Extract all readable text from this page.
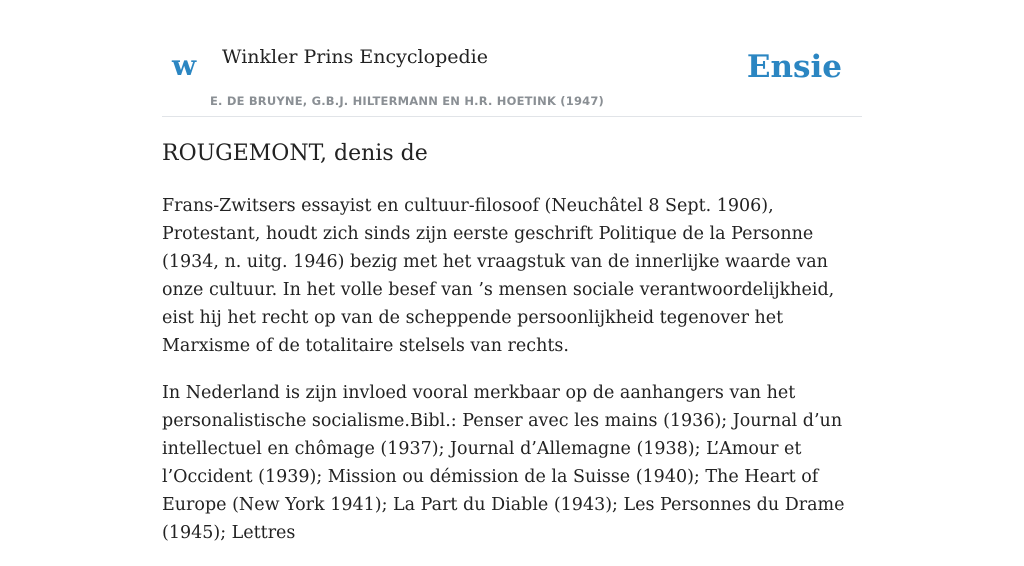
w Winkler Prins Encyclopedie
E. DE BRUYNE, G.B.J. HILTERMANN EN H.R. HOETINK (1947)
Ensie
ROUGEMONT, denis de

Frans-Zwitsers essayist en cultuur-filosoof (Neuchâtel 8 Sept. 1906), Protestant, houdt zich sinds zijn eerste geschrift Politique de la Personne (1934, n. uitg. 1946) bezig met het vraagstuk van de innerlijke waarde van onze cultuur. In het volle besef van ’s mensen sociale verantwoordelijkheid, eist hij het recht op van de scheppende persoonlijkheid tegenover het Marxisme of de totalitaire stelsels van rechts.

In Nederland is zijn invloed vooral merkbaar op de aanhangers van het personalistische socialisme.Bibl.: Penser avec les mains (1936); Journal d’un intellectuel en chômage (1937); Journal d’Allemagne (1938); L’Amour et l’Occident (1939); Mission ou démission de la Suisse (1940); The Heart of Europe (New York 1941); La Part du Diable (1943); Les Personnes du Drame (1945); Lettres
